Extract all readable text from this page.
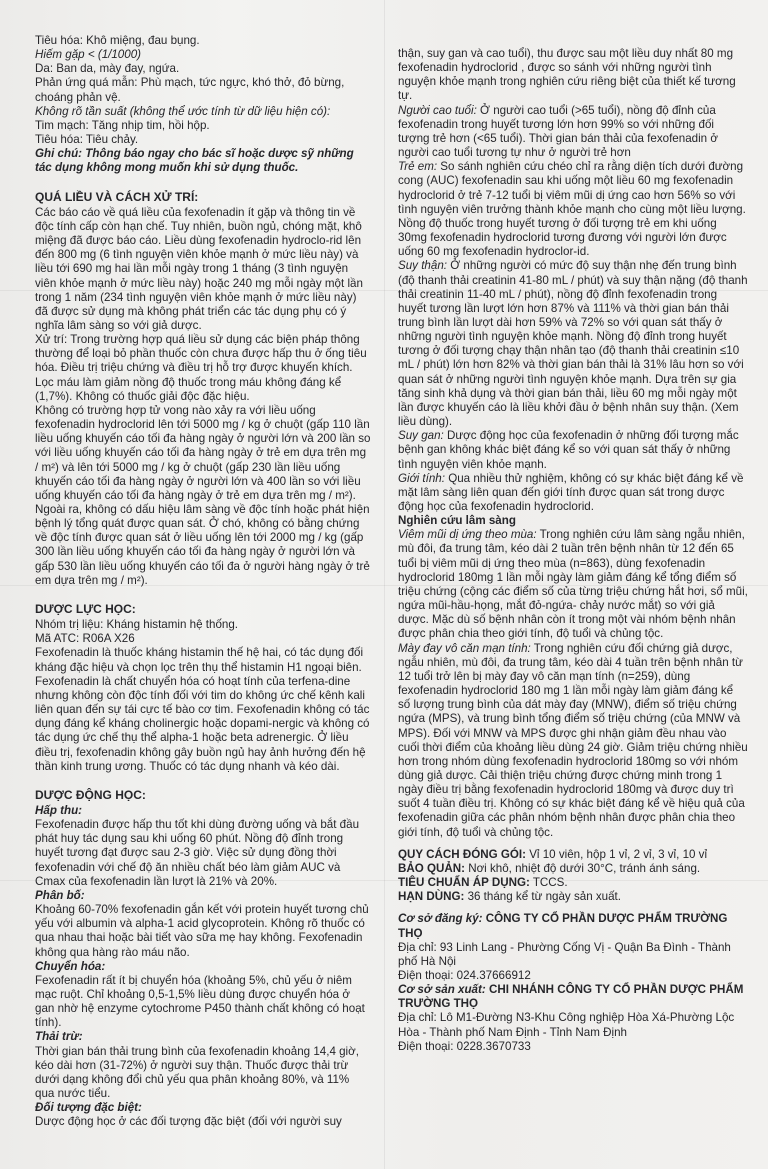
Tiêu hóa: Khô miệng, đau bụng.

Hiếm gặp < (1/1000)

Da: Ban da, mày đay, ngứa.

Phản ứng quá mẫn: Phù mạch, tức ngực, khó thở, đỏ bừng, choáng phản vệ.

Không rõ tần suất (không thể ước tính từ dữ liệu hiện có):

Tim mạch: Tăng nhịp tim, hồi hộp.

Tiêu hóa: Tiêu chảy.

Ghi chú: Thông báo ngay cho bác sĩ hoặc dược sỹ những tác dụng không mong muốn khi sử dụng thuốc.

QUÁ LIỀU VÀ CÁCH XỬ TRÍ:

Các báo cáo về quá liều của fexofenadin ít gặp và thông tin về độc tính cấp còn hạn chế. Tuy nhiên, buồn ngủ, chóng mặt, khô miệng đã được báo cáo. Liều dùng fexofenadin hydroclo-rid lên đến 800 mg (6 tình nguyện viên khỏe mạnh ở mức liều này) và liều tới 690 mg hai lần mỗi ngày trong 1 tháng (3 tình nguyện viên khỏe mạnh ở mức liều này) hoặc 240 mg mỗi ngày một lần trong 1 năm (234 tình nguyện viên khỏe mạnh ở mức liều này) đã được sử dụng mà không phát triển các tác dụng phụ có ý nghĩa lâm sàng so với giả dược.

Xử trí: Trong trường hợp quá liều sử dụng các biện pháp thông thường để loại bỏ phần thuốc còn chưa được hấp thu ở ống tiêu hóa. Điều trị triệu chứng và điều trị hỗ trợ được khuyến khích. Lọc máu làm giảm nồng độ thuốc trong máu không đáng kể (1,7%). Không có thuốc giải độc đặc hiệu.

Không có trường hợp tử vong nào xảy ra với liều uống fexofenadin hydroclorid lên tới 5000 mg / kg ở chuột (gấp 110 lần liều uống khuyến cáo tối đa hàng ngày ở người lớn và 200 lần so với liều uống khuyến cáo tối đa hàng ngày ở trẻ em dựa trên mg / m²) và lên tới 5000 mg / kg ở chuột (gấp 230 lần liều uống khuyến cáo tối đa hàng ngày ở người lớn và 400 lần so với liều uống khuyến cáo tối đa hàng ngày ở trẻ em dựa trên mg / m²). Ngoài ra, không có dấu hiệu lâm sàng về độc tính hoặc phát hiện bệnh lý tổng quát được quan sát. Ở chó, không có bằng chứng về độc tính được quan sát ở liều uống lên tới 2000 mg / kg (gấp 300 lần liều uống khuyến cáo tối đa hàng ngày ở người lớn và gấp 530 lần liều uống khuyến cáo tối đa ở người hàng ngày ở trẻ em dựa trên mg / m²).

DƯỢC LỰC HỌC:

Nhóm trị liệu: Kháng histamin hệ thống.

Mã ATC: R06A X26

Fexofenadin là thuốc kháng histamin thế hệ hai, có tác dụng đối kháng đặc hiệu và chọn lọc trên thụ thể histamin H1 ngoại biên. Fexofenadin là chất chuyển hóa có hoạt tính của terfena-dine nhưng không còn độc tính đối với tim do không ức chế kênh kali liên quan đến sự tái cực tế bào cơ tim. Fexofenadin không có tác dụng đáng kể kháng cholinergic hoặc dopami-nergic và không có tác dụng ức chế thụ thể alpha-1 hoặc beta adrenergic. Ở liều điều trị, fexofenadin không gây buồn ngủ hay ảnh hưởng đến hệ thần kinh trung ương. Thuốc có tác dụng nhanh và kéo dài.

DƯỢC ĐỘNG HỌC:

Hấp thu:

Fexofenadin được hấp thu tốt khi dùng đường uống và bắt đầu phát huy tác dụng sau khi uống 60 phút. Nồng độ đỉnh trong huyết tương đạt được sau 2-3 giờ. Việc sử dụng đồng thời fexofenadin với chế độ ăn nhiều chất béo làm giảm AUC và Cmax của fexofenadin lần lượt là 21% và 20%.

Phân bố:

Khoảng 60-70% fexofenadin gắn kết với protein huyết tương chủ yếu với albumin và alpha-1 acid glycoprotein. Không rõ thuốc có qua nhau thai hoặc bài tiết vào sữa mẹ hay không. Fexofenadin không qua hàng rào máu não.

Chuyển hóa:

Fexofenadin rất ít bị chuyển hóa (khoảng 5%, chủ yếu ở niêm mạc ruột. Chỉ khoảng 0,5-1,5% liều dùng được chuyển hóa ở gan nhờ hệ enzyme cytochrome P450 thành chất không có hoạt tính).

Thải trừ:

Thời gian bán thải trung bình của fexofenadin khoảng 14,4 giờ, kéo dài hơn (31-72%) ở người suy thận. Thuốc được thải trừ dưới dạng không đổi chủ yếu qua phân khoảng 80%, và 11% qua nước tiểu.

Đối tượng đặc biệt:

Dược động học ở các đối tượng đặc biệt (đối với người suy

thận, suy gan và cao tuổi), thu được sau một liều duy nhất 80 mg fexofenadin hydroclorid , được so sánh với những người tình nguyện khỏe mạnh trong nghiên cứu riêng biệt của thiết kế tương tự.

Người cao tuổi: Ở người cao tuổi (>65 tuổi), nồng độ đỉnh của fexofenadin trong huyết tương lớn hơn 99% so với những đối tượng trẻ hơn (<65 tuổi). Thời gian bán thải của fexofenadin ở người cao tuổi tương tự như ở người trẻ hơn

Trẻ em: So sánh nghiên cứu chéo chỉ ra rằng diện tích dưới đường cong (AUC) fexofenadin sau khi uống một liều 60 mg fexofenadin hydroclorid ở trẻ 7-12 tuổi bị viêm mũi dị ứng cao hơn 56% so với tình nguyện viên trưởng thành khỏe mạnh cho cùng một liều lượng. Nồng độ thuốc trong huyết tương ở đối tượng trẻ em khi uống 30mg fexofenadin hydroclorid tương đương với người lớn được uống 60 mg fexofenadin hydroclor-id.

Suy thận: Ở những người có mức độ suy thận nhẹ đến trung bình (độ thanh thải creatinin 41-80 mL / phút) và suy thận nặng (độ thanh thải creatinin 11-40 mL / phút), nồng độ đỉnh fexofenadin trong huyết tương lần lượt lớn hơn 87% và 111% và thời gian bán thải trung bình lần lượt dài hơn 59% và 72% so với quan sát thấy ở những người tình nguyện khỏe mạnh. Nồng độ đỉnh trong huyết tương ở đối tượng chạy thận nhân tạo (độ thanh thải creatinin ≤10 mL / phút) lớn hơn 82% và thời gian bán thải là 31% lâu hơn so với quan sát ở những người tình nguyện khỏe mạnh. Dựa trên sự gia tăng sinh khả dụng và thời gian bán thải, liều 60 mg mỗi ngày một lần được khuyến cáo là liều khởi đầu ở bệnh nhân suy thận. (Xem liều dùng).

Suy gan: Dược động học của fexofenadin ở những đối tượng mắc bệnh gan không khác biệt đáng kể so với quan sát thấy ở những tình nguyện viên khỏe mạnh.

Giới tính: Qua nhiều thử nghiệm, không có sự khác biệt đáng kể về mặt lâm sàng liên quan đến giới tính được quan sát trong dược động học của fexofenadin hydroclorid.

Nghiên cứu lâm sàng

Viêm mũi dị ứng theo mùa: Trong nghiên cứu lâm sàng ngẫu nhiên, mù đôi, đa trung tâm, kéo dài 2 tuần trên bệnh nhân từ 12 đến 65 tuổi bị viêm mũi dị ứng theo mùa (n=863), dùng fexofenadin hydroclorid 180mg 1 lần mỗi ngày làm giảm đáng kể tổng điểm số triệu chứng (cộng các điểm số của từng triệu chứng hắt hơi, sổ mũi, ngứa mũi-hầu-họng, mắt đỏ-ngứa- chảy nước mắt) so với giả dược. Mặc dù số bệnh nhân còn ít trong một vài nhóm bệnh nhân được phân chia theo giới tính, độ tuổi và chủng tộc.

Mày đay vô căn mạn tính: Trong nghiên cứu đối chứng giả dược, ngẫu nhiên, mù đôi, đa trung tâm, kéo dài 4 tuần trên bệnh nhân từ 12 tuổi trở lên bị mày đay vô căn mạn tính (n=259), dùng fexofenadin hydroclorid 180 mg 1 lần mỗi ngày làm giảm đáng kể số lượng trung bình của dát mày đay (MNW), điểm số triệu chứng ngứa (MPS), và trung bình tổng điểm số triệu chứng (của MNW và MPS). Đối với MNW và MPS được ghi nhận giảm đều nhau vào cuối thời điểm của khoảng liều dùng 24 giờ. Giảm triệu chứng nhiều hơn trong nhóm dùng fexofenadin hydroclorid 180mg so với nhóm dùng giả dược. Cải thiện triệu chứng được chứng minh trong 1 ngày điều trị bằng fexofenadin hydroclorid 180mg và được duy trì suốt 4 tuần điều trị. Không có sự khác biệt đáng kể về hiệu quả của fexofenadin giữa các phân nhóm bệnh nhân được phân chia theo giới tính, độ tuổi và chủng tộc.

QUY CÁCH ĐÓNG GÓI: Vỉ 10 viên, hộp 1 vỉ, 2 vỉ, 3 vỉ, 10 vỉ

BẢO QUẢN: Nơi khô, nhiệt độ dưới 30°C, tránh ánh sáng.

TIÊU CHUẨN ÁP DỤNG: TCCS.

HẠN DÙNG: 36 tháng kể từ ngày sản xuất.

Cơ sở đăng ký: CÔNG TY CỔ PHẦN DƯỢC PHẨM TRƯỜNG THỌ

Địa chỉ: 93 Linh Lang - Phường Cống Vị - Quận Ba Đình - Thành phố Hà Nội

Điện thoại: 024.37666912

Cơ sở sản xuất: CHI NHÁNH CÔNG TY CỔ PHẦN DƯỢC PHẨM TRƯỜNG THỌ

Địa chỉ: Lô M1-Đường N3-Khu Công nghiệp Hòa Xá-Phường Lộc Hòa - Thành phố Nam Định - Tỉnh Nam Định

Điện thoại: 0228.3670733
